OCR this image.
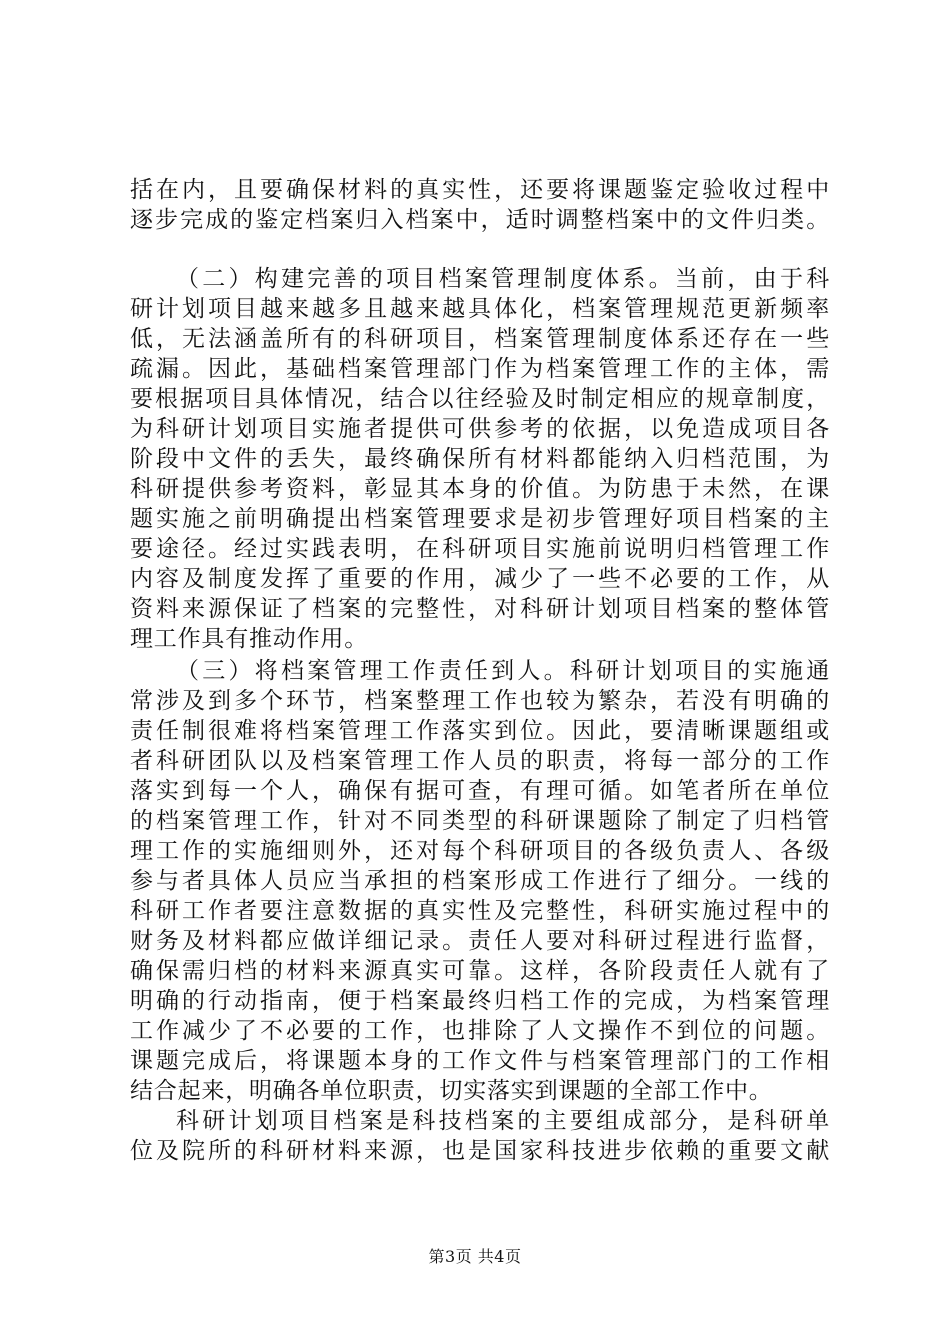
括在内，且要确保材料的真实性，还要将课题鉴定验收过程中
逐步完成的鉴定档案归入档案中，适时调整档案中的文件归类。
（二）构建完善的项目档案管理制度体系。当前，由于科
研计划项目越来越多且越来越具体化，档案管理规范更新频率
低，无法涵盖所有的科研项目，档案管理制度体系还存在一些
疏漏。因此，基础档案管理部门作为档案管理工作的主体，需
要根据项目具体情况，结合以往经验及时制定相应的规章制度，
为科研计划项目实施者提供可供参考的依据，以免造成项目各
阶段中文件的丢失，最终确保所有材料都能纳入归档范围，为
科研提供参考资料，彰显其本身的价值。为防患于未然，在课
题实施之前明确提出档案管理要求是初步管理好项目档案的主
要途径。经过实践表明，在科研项目实施前说明归档管理工作
内容及制度发挥了重要的作用，减少了一些不必要的工作，从
资料来源保证了档案的完整性，对科研计划项目档案的整体管
理工作具有推动作用。
（三）将档案管理工作责任到人。科研计划项目的实施通
常涉及到多个环节，档案整理工作也较为繁杂，若没有明确的
责任制很难将档案管理工作落实到位。因此，要清晰课题组或
者科研团队以及档案管理工作人员的职责，将每一部分的工作
落实到每一个人，确保有据可查，有理可循。如笔者所在单位
的档案管理工作，针对不同类型的科研课题除了制定了归档管
理工作的实施细则外，还对每个科研项目的各级负责人、各级
参与者具体人员应当承担的档案形成工作进行了细分。一线的
科研工作者要注意数据的真实性及完整性，科研实施过程中的
财务及材料都应做详细记录。责任人要对科研过程进行监督，
确保需归档的材料来源真实可靠。这样，各阶段责任人就有了
明确的行动指南，便于档案最终归档工作的完成，为档案管理
工作减少了不必要的工作，也排除了人文操作不到位的问题。
课题完成后，将课题本身的工作文件与档案管理部门的工作相
结合起来，明确各单位职责，切实落实到课题的全部工作中。
科研计划项目档案是科技档案的主要组成部分，是科研单
位及院所的科研材料来源，也是国家科技进步依赖的重要文献
第3页 共4页
